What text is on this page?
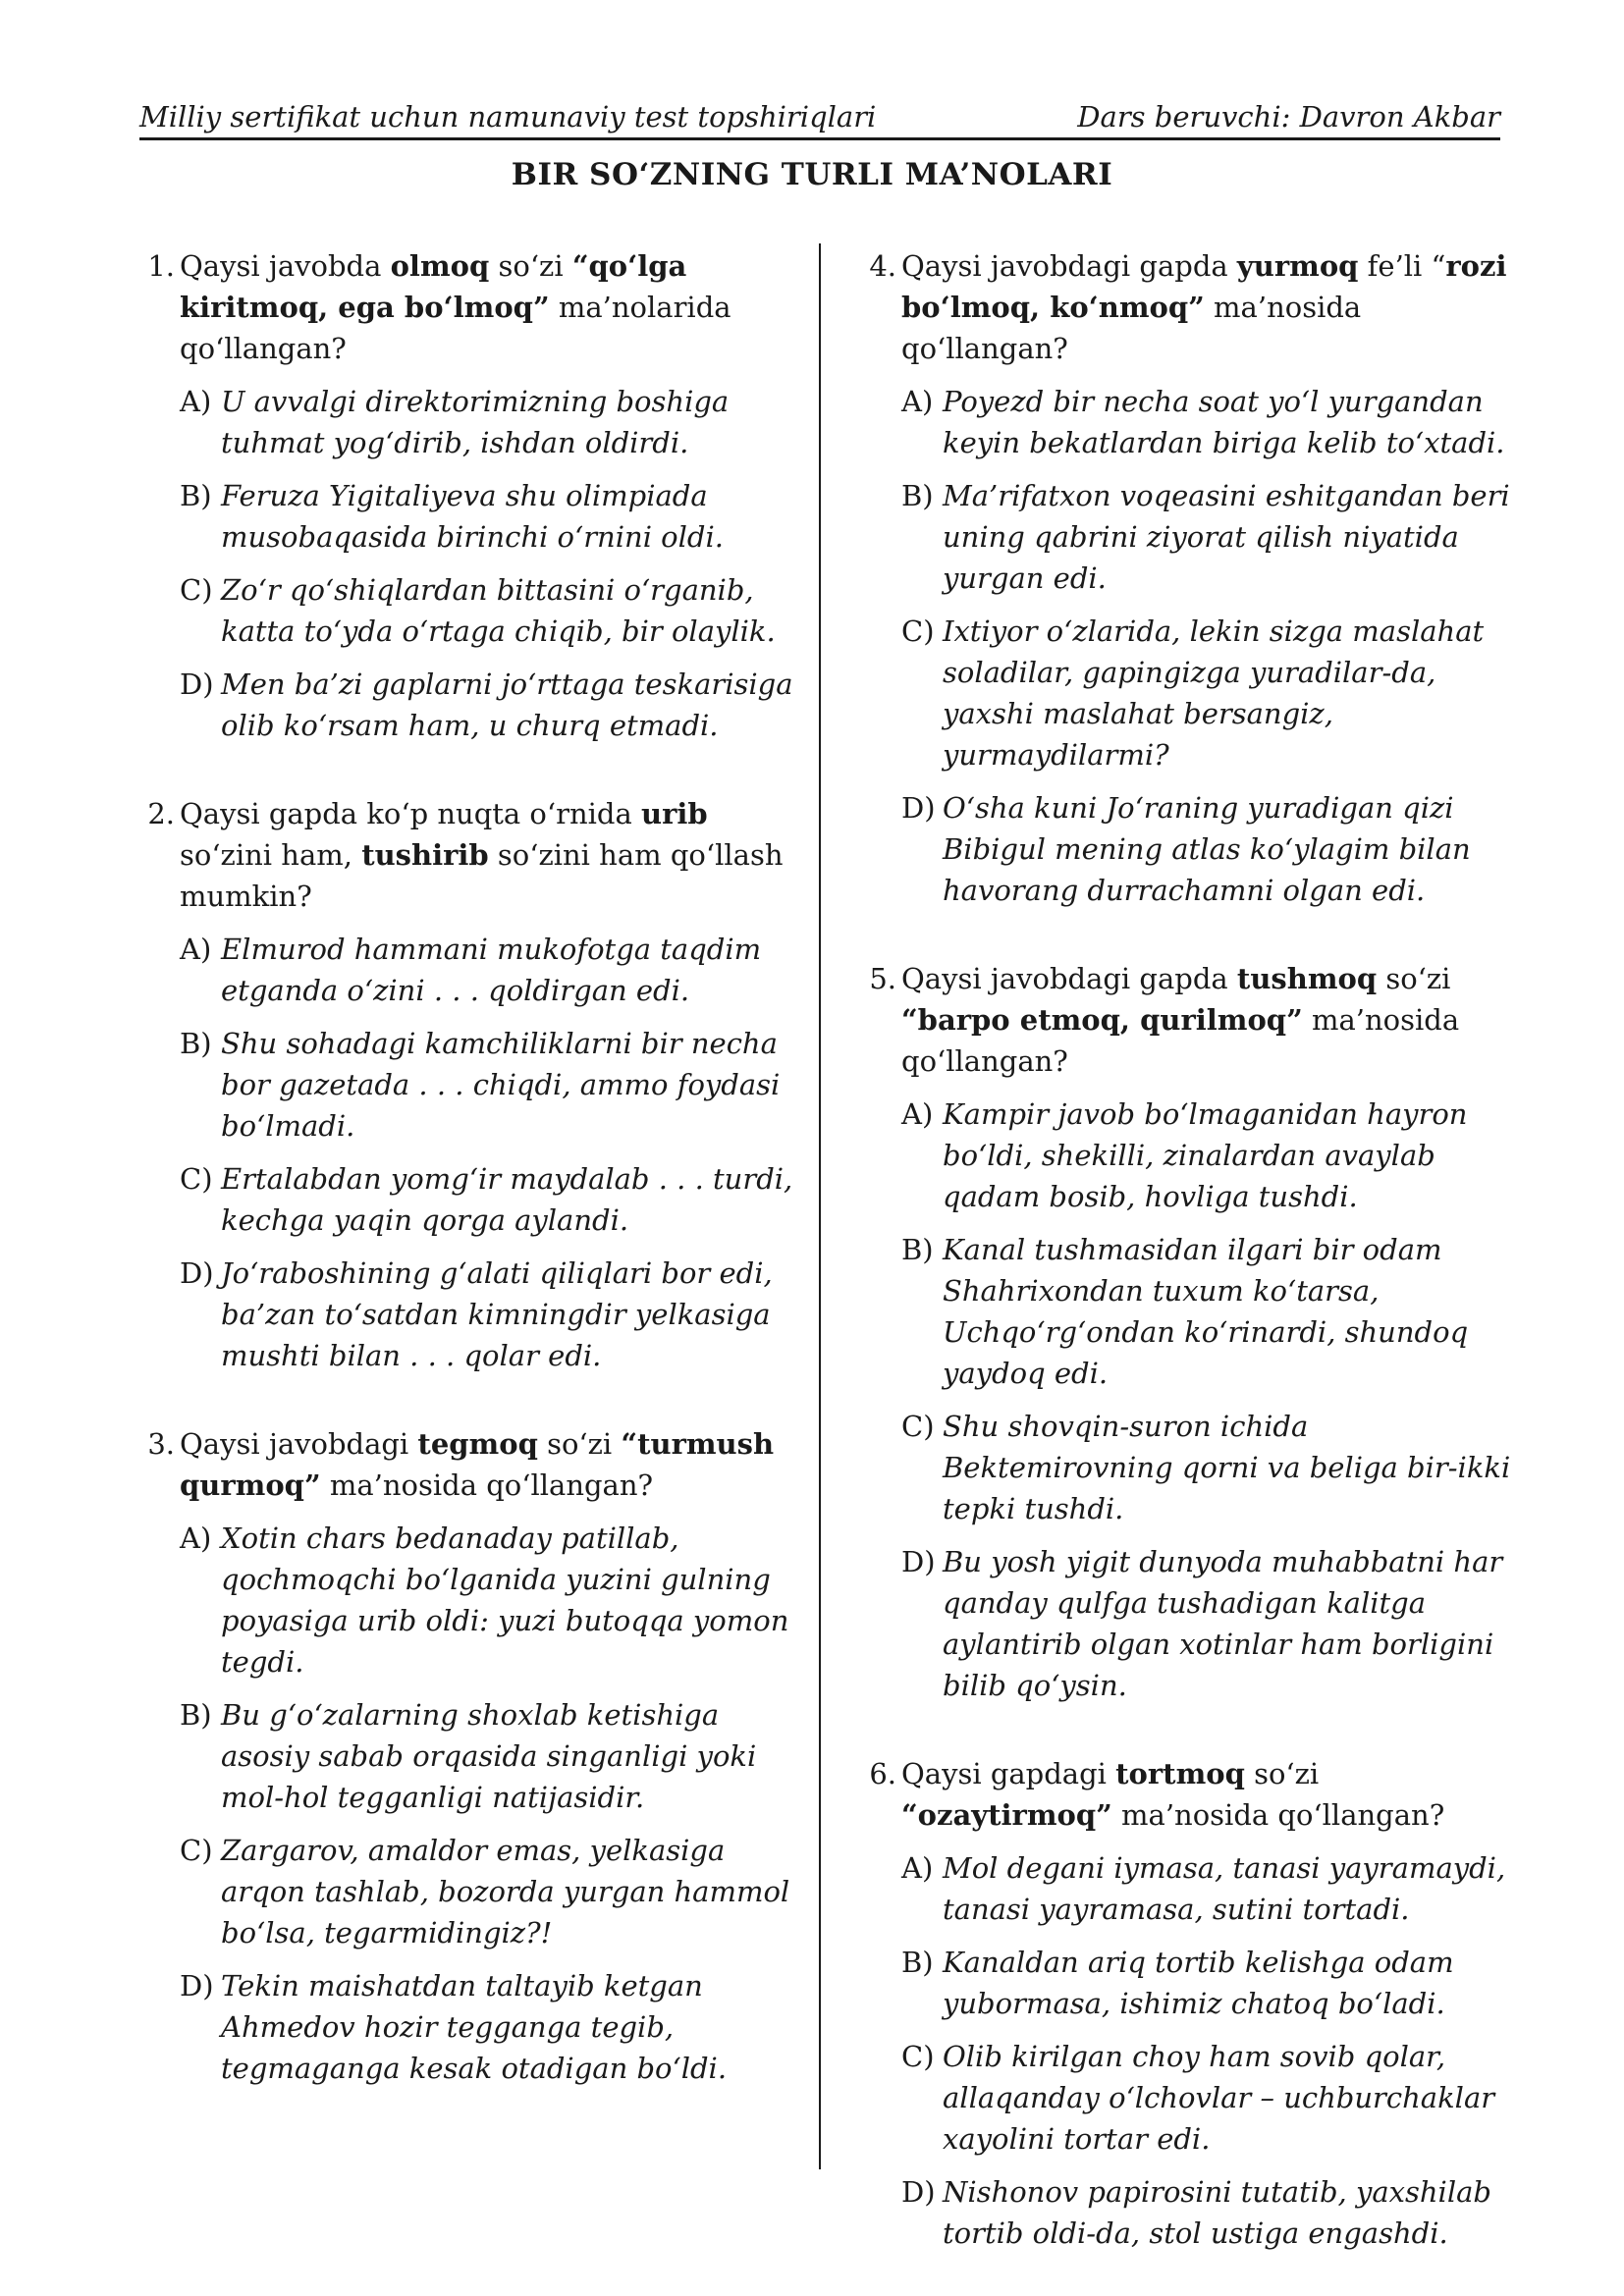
Milliy sertifikat uchun namunaviy test topshiriqlari	Dars beruvchi: Davron Akbar
BIR SO‘ZNING TURLI MA’NOLARI
1. Qaysi javobda olmoq so‘zi “qo‘lga kiritmoq, ega bo‘lmoq” ma’nolarida qo‘llangan?
A) U avvalgi direktorimizning boshiga tuhmat yog‘dirib, ishdan oldirdi.
B) Feruza Yigitaliyeva shu olimpiada musobaqasida birinchi o‘rnini oldi.
C) Zo‘r qo‘shiqlardan bittasini o‘rganib, katta to‘yda o‘rtaga chiqib, bir olaylik.
D) Men ba’zi gaplarni jo‘rttaga teskarisiga olib ko‘rsam ham, u churq etmadi.
2. Qaysi gapda ko‘p nuqta o‘rnida urib so‘zini ham, tushirib so‘zini ham qo‘llash mumkin?
A) Elmurod hammani mukofotga taqdim etganda o‘zini . . . qoldirgan edi.
B) Shu sohadagi kamchiliklarni bir necha bor gazetada . . . chiqdi, ammo foydasi bo‘lmadi.
C) Ertalabdan yomg‘ir maydalab . . . turdi, kechga yaqin qorga aylandi.
D) Jo‘raboshining g‘alati qiliqlari bor edi, ba’zan to‘satdan kimningdir yelkasiga mushti bilan . . . qolar edi.
3. Qaysi javobdagi tegmoq so‘zi “turmush qurmoq” ma’nosida qo‘llangan?
A) Xotin chars bedanaday patillab, qochmoqchi bo‘lganida yuzini gulning poyasiga urib oldi: yuzi butoqqa yomon tegdi.
B) Bu g‘o‘zalarning shoxlab ketishiga asosiy sabab orqasida singanligi yoki mol-hol tegganligi natijasidir.
C) Zargarov, amaldor emas, yelkasiga arqon tashlab, bozorda yurgan hammol bo‘lsa, tegarmidingiz?!
D) Tekin maishatdan taltayib ketgan Ahmedov hozir tegganga tegib, tegmaganga kesak otadigan bo‘ldi.
4. Qaysi javobdagi gapda yurmoq fe’li “rozi bo‘lmoq, ko‘nmoq” ma’nosida qo‘llangan?
A) Poyezd bir necha soat yo‘l yurgandan keyin bekatlardan biriga kelib to‘xtadi.
B) Ma’rifatxon voqeasini eshitgandan beri uning qabrini ziyorat qilish niyatida yurgan edi.
C) Ixtiyor o‘zlarida, lekin sizga maslahat soladilar, gapingizga yuradilar-da, yaxshi maslahat bersangiz, yurmaydilarmi?
D) O‘sha kuni Jo‘raning yuradigan qizi Bibigul mening atlas ko‘ylagim bilan havorang durrachamni olgan edi.
5. Qaysi javobdagi gapda tushmoq so‘zi “barpo etmoq, qurilmoq” ma’nosida qo‘llangan?
A) Kampir javob bo‘lmaganidan hayron bo‘ldi, shekilli, zinalardan avaylab qadam bosib, hovliga tushdi.
B) Kanal tushmasidan ilgari bir odam Shahrixondan tuxum ko‘tarsa, Uchqo‘rg‘ondan ko‘rinardi, shundoq yaydoq edi.
C) Shu shovqin-suron ichida Bektemirovning qorni va beliga bir-ikki tepki tushdi.
D) Bu yosh yigit dunyoda muhabbatni har qanday qulfga tushadigan kalitga aylantirib olgan xotinlar ham borligini bilib qo‘ysin.
6. Qaysi gapdagi tortmoq so‘zi “ozaytirmoq” ma’nosida qo‘llangan?
A) Mol degani iymasa, tanasi yayramaydi, tanasi yayramasa, sutini tortadi.
B) Kanaldan ariq tortib kelishga odam yubormasa, ishimiz chatoq bo‘ladi.
C) Olib kirilgan choy ham sovib qolar, allaqanday o‘lchovlar – uchburchaklar xayolini tortar edi.
D) Nishonov papirosini tutatib, yaxshilab tortib oldi-da, stol ustiga engashdi.
